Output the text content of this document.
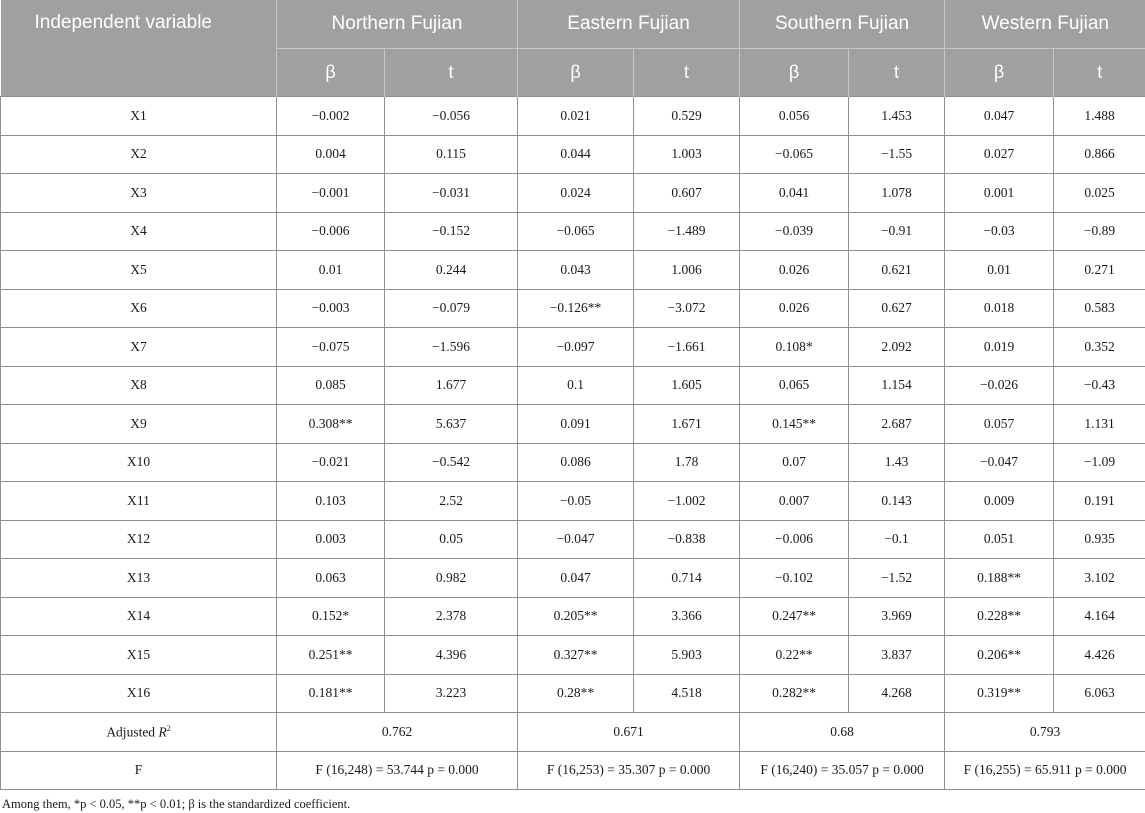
Independent variable	Northern Fujian		Eastern Fujian		Southern Fujian		Western Fujian	
	β	t	β	t	β	t	β	t
X1	−0.002	−0.056	0.021	0.529	0.056	1.453	0.047	1.488
X2	0.004	0.115	0.044	1.003	−0.065	−1.55	0.027	0.866
X3	−0.001	−0.031	0.024	0.607	0.041	1.078	0.001	0.025
X4	−0.006	−0.152	−0.065	−1.489	−0.039	−0.91	−0.03	−0.89
X5	0.01	0.244	0.043	1.006	0.026	0.621	0.01	0.271
X6	−0.003	−0.079	−0.126**	−3.072	0.026	0.627	0.018	0.583
X7	−0.075	−1.596	−0.097	−1.661	0.108*	2.092	0.019	0.352
X8	0.085	1.677	0.1	1.605	0.065	1.154	−0.026	−0.43
X9	0.308**	5.637	0.091	1.671	0.145**	2.687	0.057	1.131
X10	−0.021	−0.542	0.086	1.78	0.07	1.43	−0.047	−1.09
X11	0.103	2.52	−0.05	−1.002	0.007	0.143	0.009	0.191
X12	0.003	0.05	−0.047	−0.838	−0.006	−0.1	0.051	0.935
X13	0.063	0.982	0.047	0.714	−0.102	−1.52	0.188**	3.102
X14	0.152*	2.378	0.205**	3.366	0.247**	3.969	0.228**	4.164
X15	0.251**	4.396	0.327**	5.903	0.22**	3.837	0.206**	4.426
X16	0.181**	3.223	0.28**	4.518	0.282**	4.268	0.319**	6.063
Adjusted $R^2$	0.762		0.671		0.68		0.793	
F	F (16,248) = 53.744 p = 0.000		F (16,253) = 35.307 p = 0.000		F (16,240) = 35.057 p = 0.000		F (16,255) = 65.911 p = 0.000	
Among them, *p < 0.05, **p < 0.01; β is the standardized coefficient.
